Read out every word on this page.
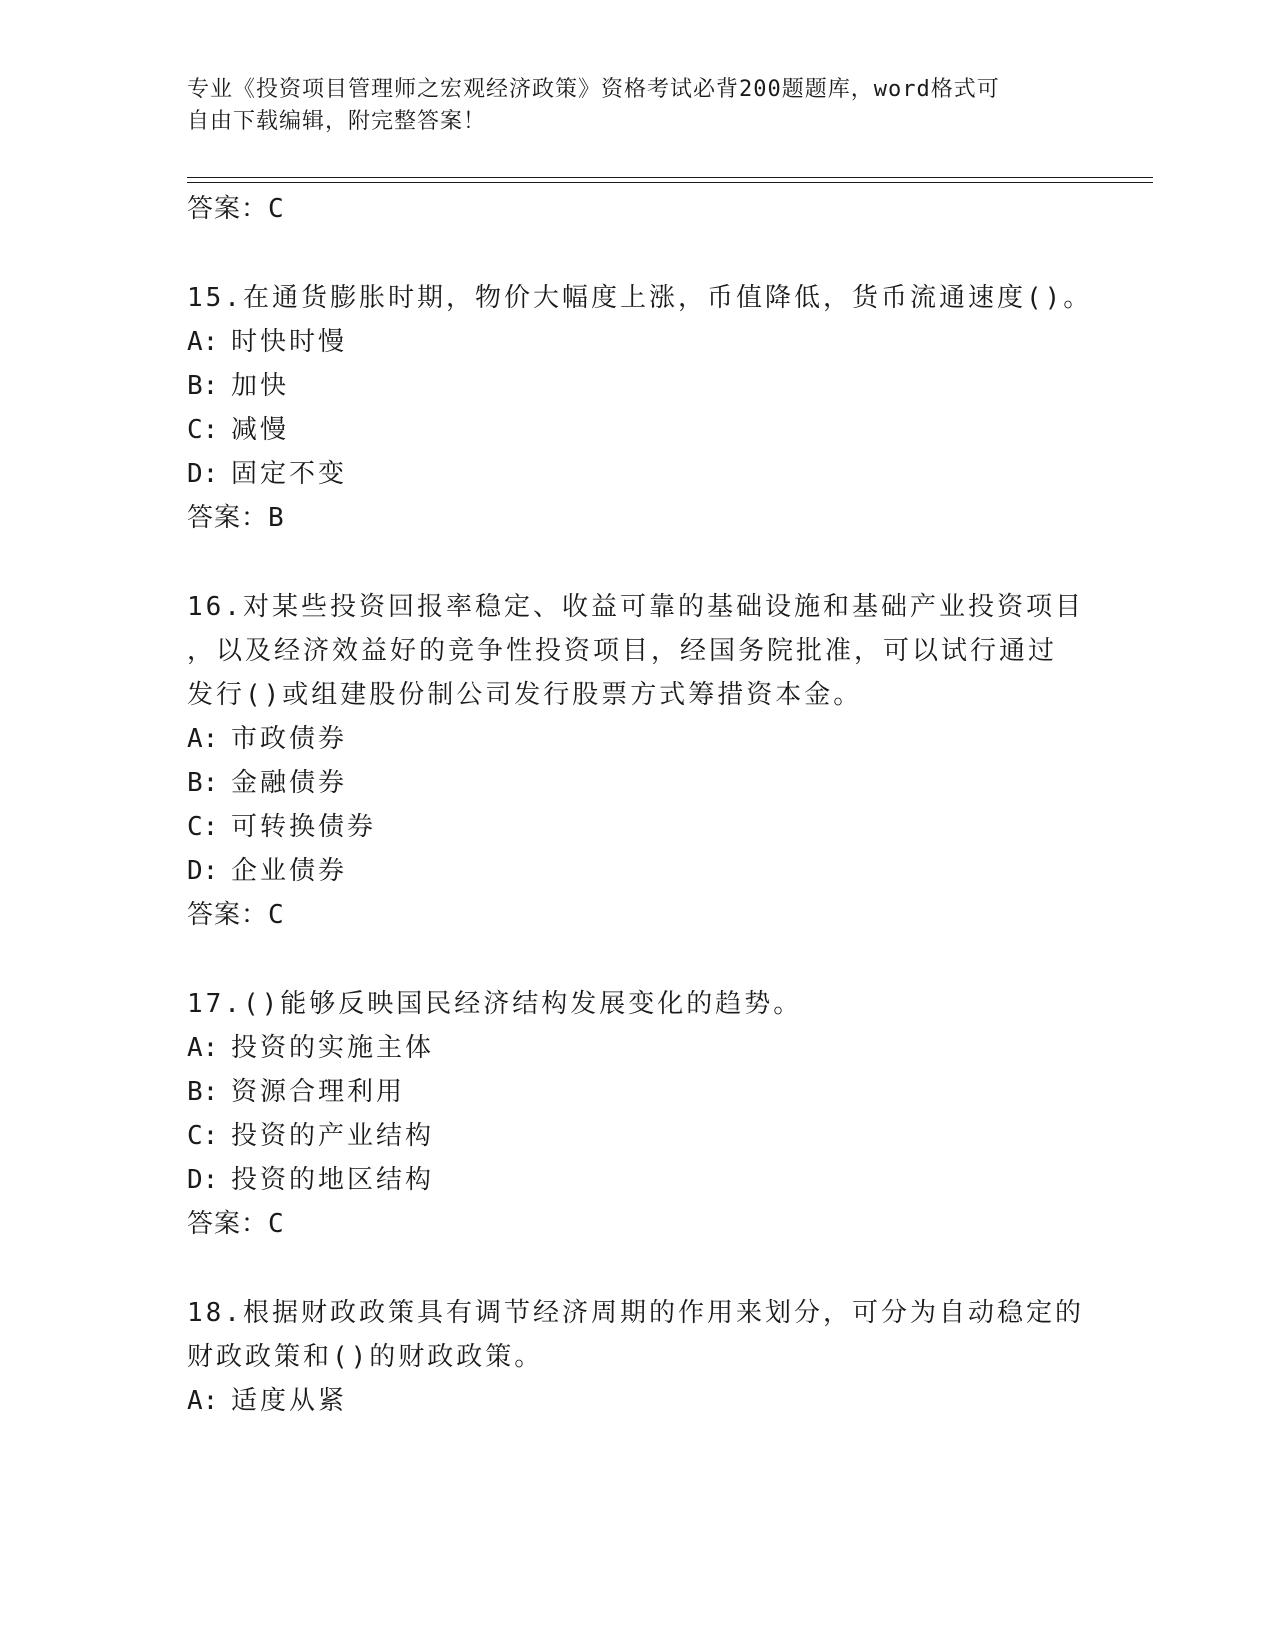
专业《投资项目管理师之宏观经济政策》资格考试必背200题题库，word格式可
自由下载编辑，附完整答案！
答案：C
15.在通货膨胀时期，物价大幅度上涨，币值降低，货币流通速度()。
A: 时快时慢
B: 加快
C: 减慢
D: 固定不变
答案：B
16.对某些投资回报率稳定、收益可靠的基础设施和基础产业投资项目
，以及经济效益好的竞争性投资项目，经国务院批准，可以试行通过
发行()或组建股份制公司发行股票方式筹措资本金。
A: 市政债券
B: 金融债券
C: 可转换债券
D: 企业债券
答案：C
17.()能够反映国民经济结构发展变化的趋势。
A: 投资的实施主体
B: 资源合理利用
C: 投资的产业结构
D: 投资的地区结构
答案：C
18.根据财政政策具有调节经济周期的作用来划分，可分为自动稳定的
财政政策和()的财政政策。
A: 适度从紧
